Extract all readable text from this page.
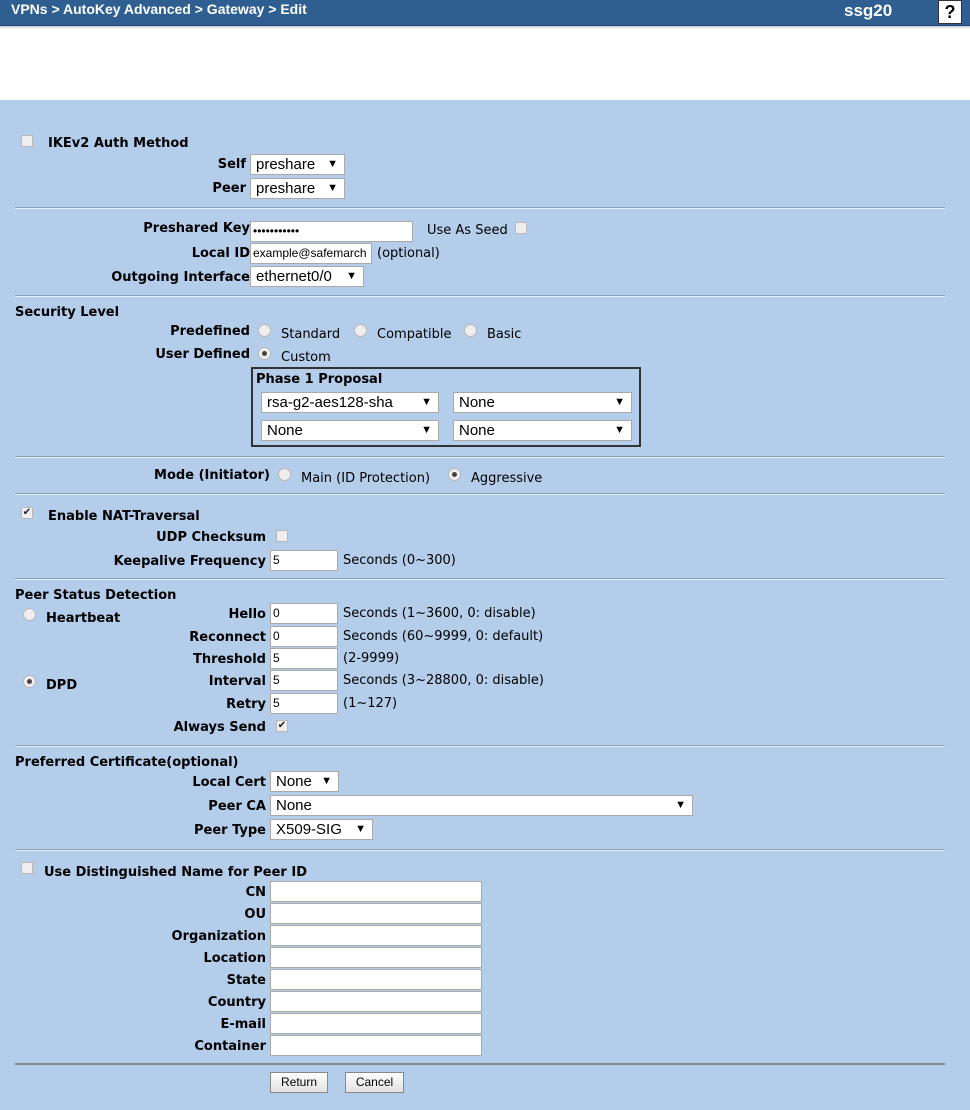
VPNs > AutoKey Advanced > Gateway > Edit	ssg20	?
IKEv2 Auth Method
Self preshare ▼
Peer preshare ▼
Preshared Key •••••••••••	Use As Seed
Local ID example@safemarch (optional)
Outgoing Interface ethernet0/0 ▼
Security Level
Predefined Standard	Compatible	Basic
User Defined Custom
Phase 1 Proposal
rsa-g2-aes128-sha	▼	None	▼
None	▼	None	▼
Mode (Initiator) Main (ID Protection)	Aggressive
✔ Enable NAT-Traversal
UDP Checksum
Keepalive Frequency 5	Seconds (0~300)
Peer Status Detection
Heartbeat
DPD
Hello 0	Seconds (1~3600, 0: disable)
Reconnect 0	Seconds (60~9999, 0: default)
Threshold 5	(2-9999)
Interval 5	Seconds (3~28800, 0: disable)
Retry 5	(1~127)
Always Send ✔
Preferred Certificate(optional)
Local Cert None ▼
Peer CA None	▼
Peer Type X509-SIG ▼
Use Distinguished Name for Peer ID
CN
OU
Organization
Location
State
Country
E-mail
Container
Return	Cancel
